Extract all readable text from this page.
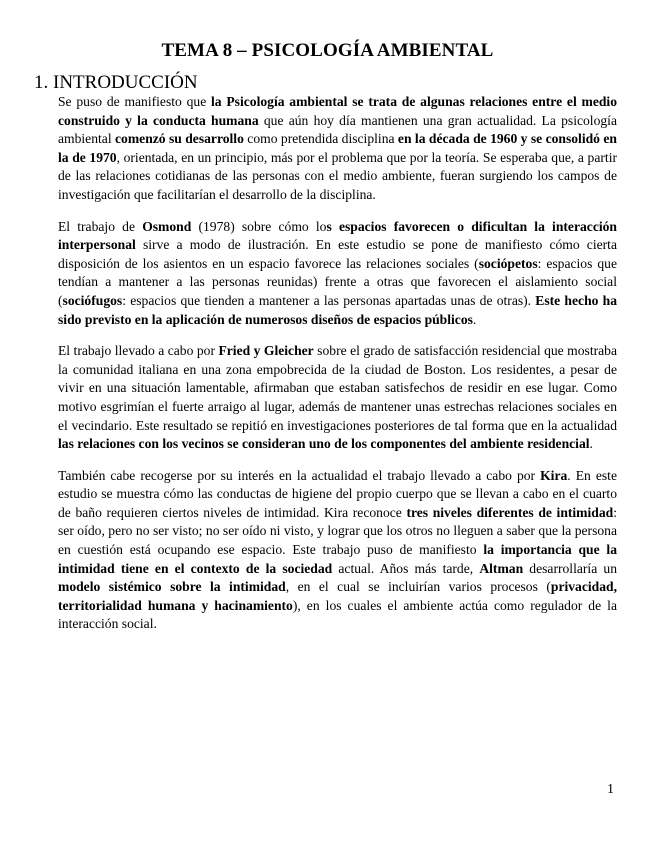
TEMA 8 – PSICOLOGÍA AMBIENTAL
1. INTRODUCCIÓN

Se puso de manifiesto que la Psicología ambiental se trata de algunas relaciones entre el medio construido y la conducta humana que aún hoy día mantienen una gran actualidad. La psicología ambiental comenzó su desarrollo como pretendida disciplina en la década de 1960 y se consolidó en la de 1970, orientada, en un principio, más por el problema que por la teoría. Se esperaba que, a partir de las relaciones cotidianas de las personas con el medio ambiente, fueran surgiendo los campos de investigación que facilitarían el desarrollo de la disciplina.

El trabajo de Osmond (1978) sobre cómo los espacios favorecen o dificultan la interacción interpersonal sirve a modo de ilustración. En este estudio se pone de manifiesto cómo cierta disposición de los asientos en un espacio favorece las relaciones sociales (sociópetos: espacios que tendían a mantener a las personas reunidas) frente a otras que favorecen el aislamiento social (sociófugos: espacios que tienden a mantener a las personas apartadas unas de otras). Este hecho ha sido previsto en la aplicación de numerosos diseños de espacios públicos.

El trabajo llevado a cabo por Fried y Gleicher sobre el grado de satisfacción residencial que mostraba la comunidad italiana en una zona empobrecida de la ciudad de Boston. Los residentes, a pesar de vivir en una situación lamentable, afirmaban que estaban satisfechos de residir en ese lugar. Como motivo esgrimían el fuerte arraigo al lugar, además de mantener unas estrechas relaciones sociales en el vecindario. Este resultado se repitió en investigaciones posteriores de tal forma que en la actualidad las relaciones con los vecinos se consideran uno de los componentes del ambiente residencial.

También cabe recogerse por su interés en la actualidad el trabajo llevado a cabo por Kira. En este estudio se muestra cómo las conductas de higiene del propio cuerpo que se llevan a cabo en el cuarto de baño requieren ciertos niveles de intimidad. Kira reconoce tres niveles diferentes de intimidad: ser oído, pero no ser visto; no ser oído ni visto, y lograr que los otros no lleguen a saber que la persona en cuestión está ocupando ese espacio. Este trabajo puso de manifiesto la importancia que la intimidad tiene en el contexto de la sociedad actual. Años más tarde, Altman desarrollaría un modelo sistémico sobre la intimidad, en el cual se incluirían varios procesos (privacidad, territorialidad humana y hacinamiento), en los cuales el ambiente actúa como regulador de la interacción social.

1
